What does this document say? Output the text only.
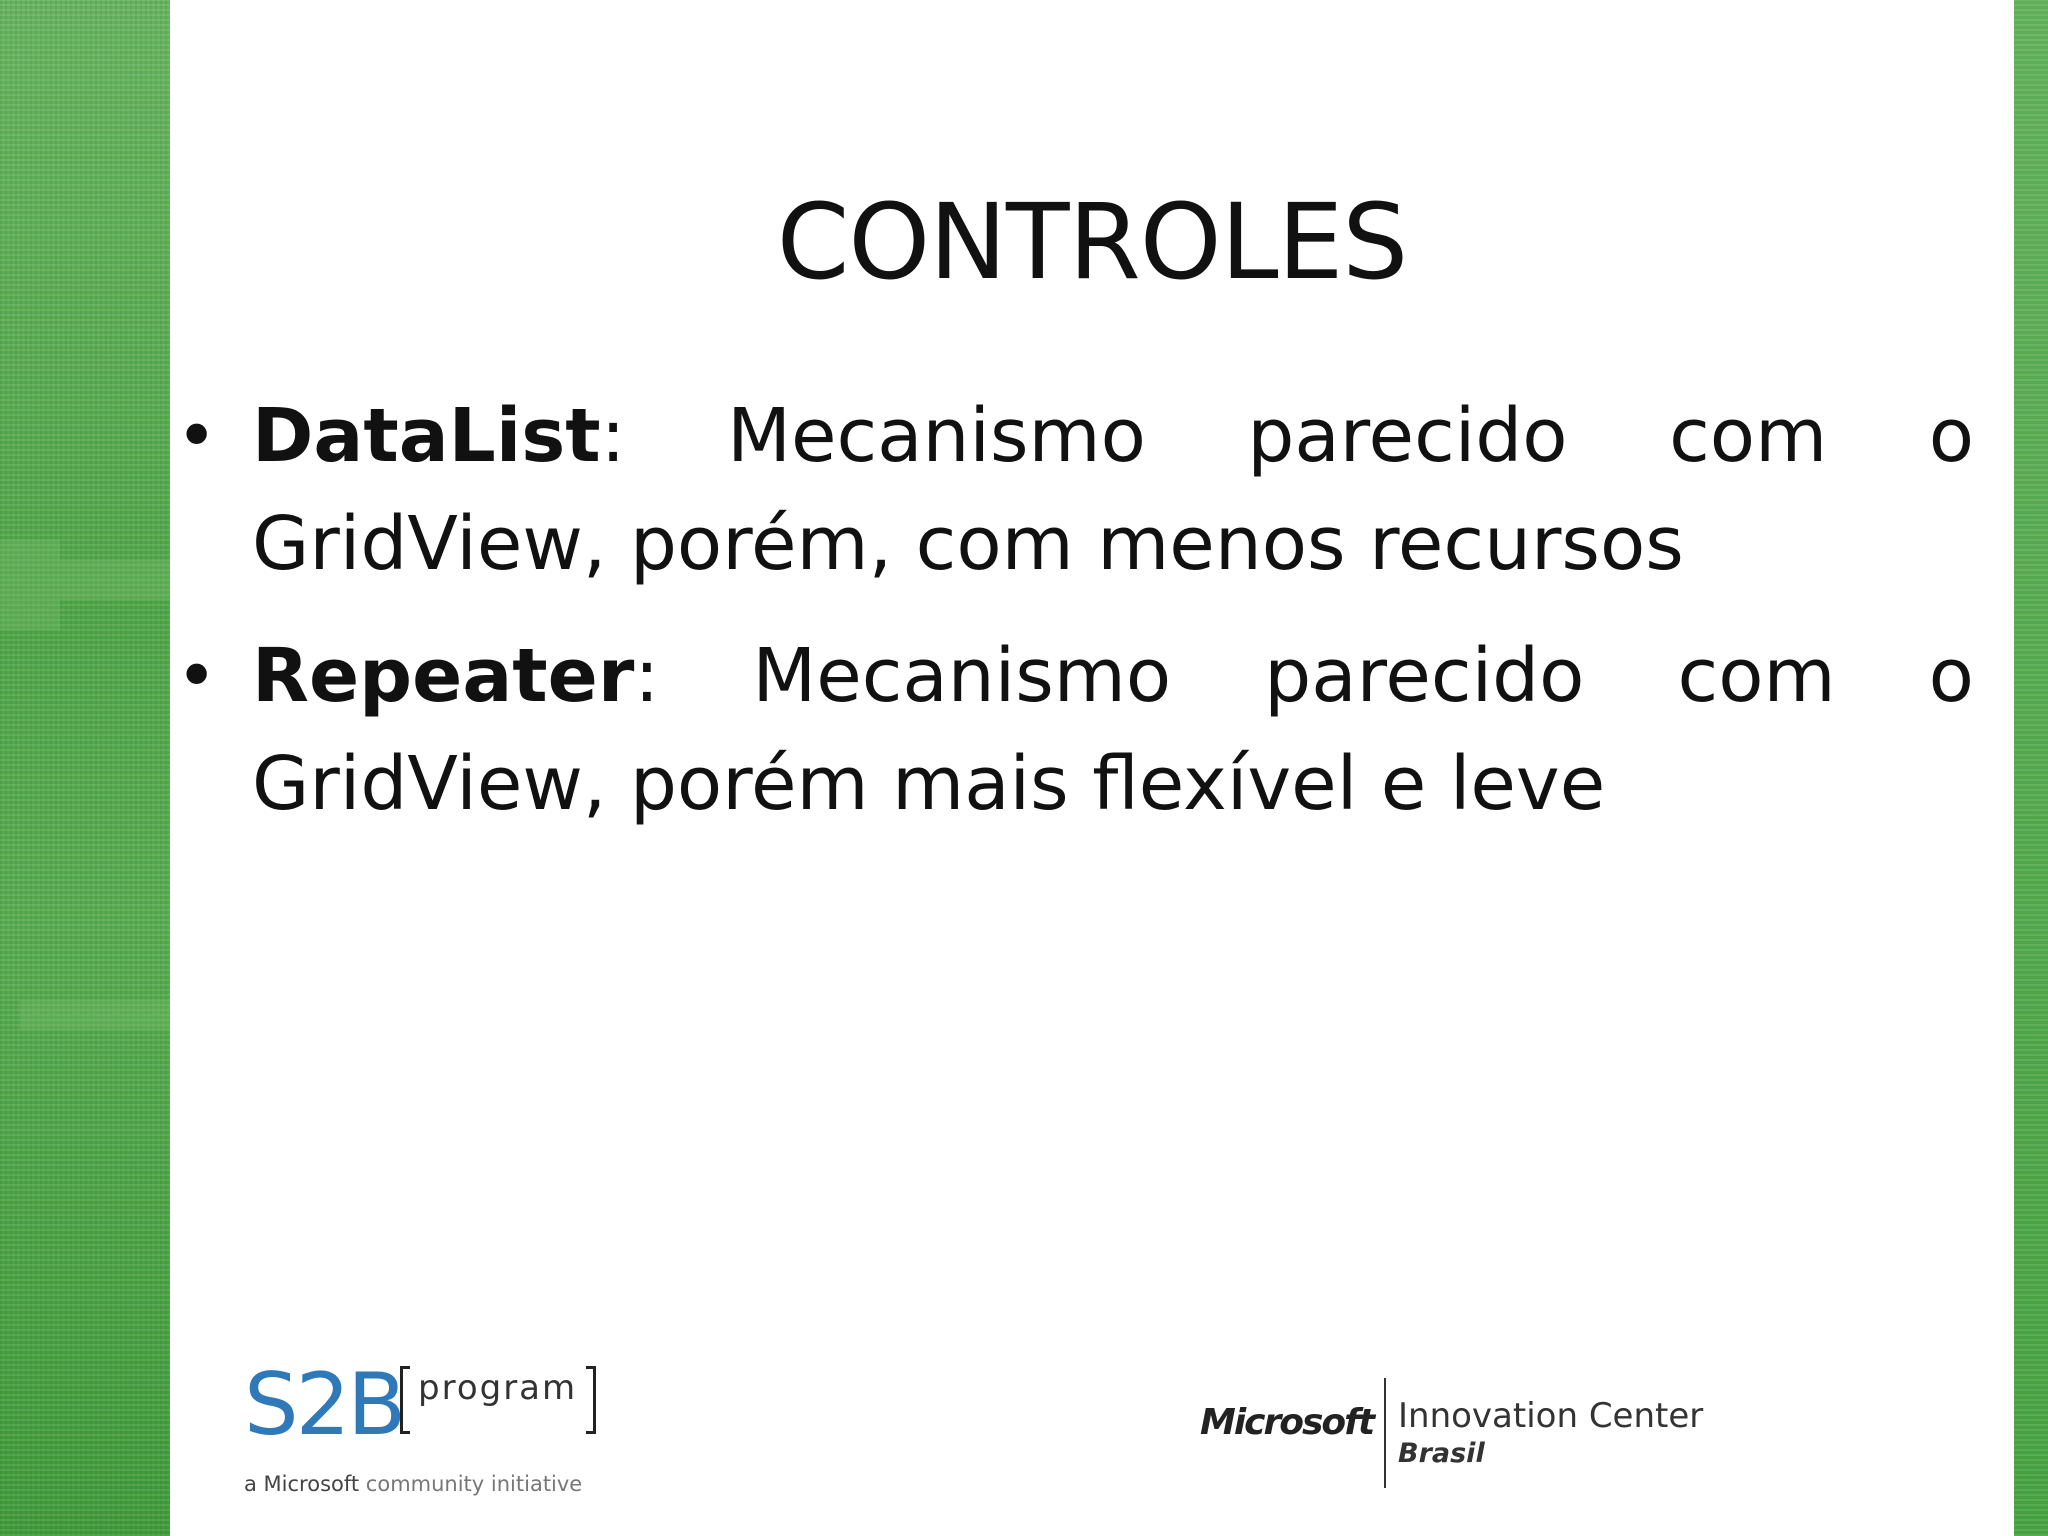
CONTROLES
• DataList: Mecanismo parecido com o
GridView, porém, com menos recursos
• Repeater: Mecanismo parecido com o
GridView, porém mais flexível e leve
S2B program
a Microsoft community initiative
Microsoft Innovation Center
Brasil
